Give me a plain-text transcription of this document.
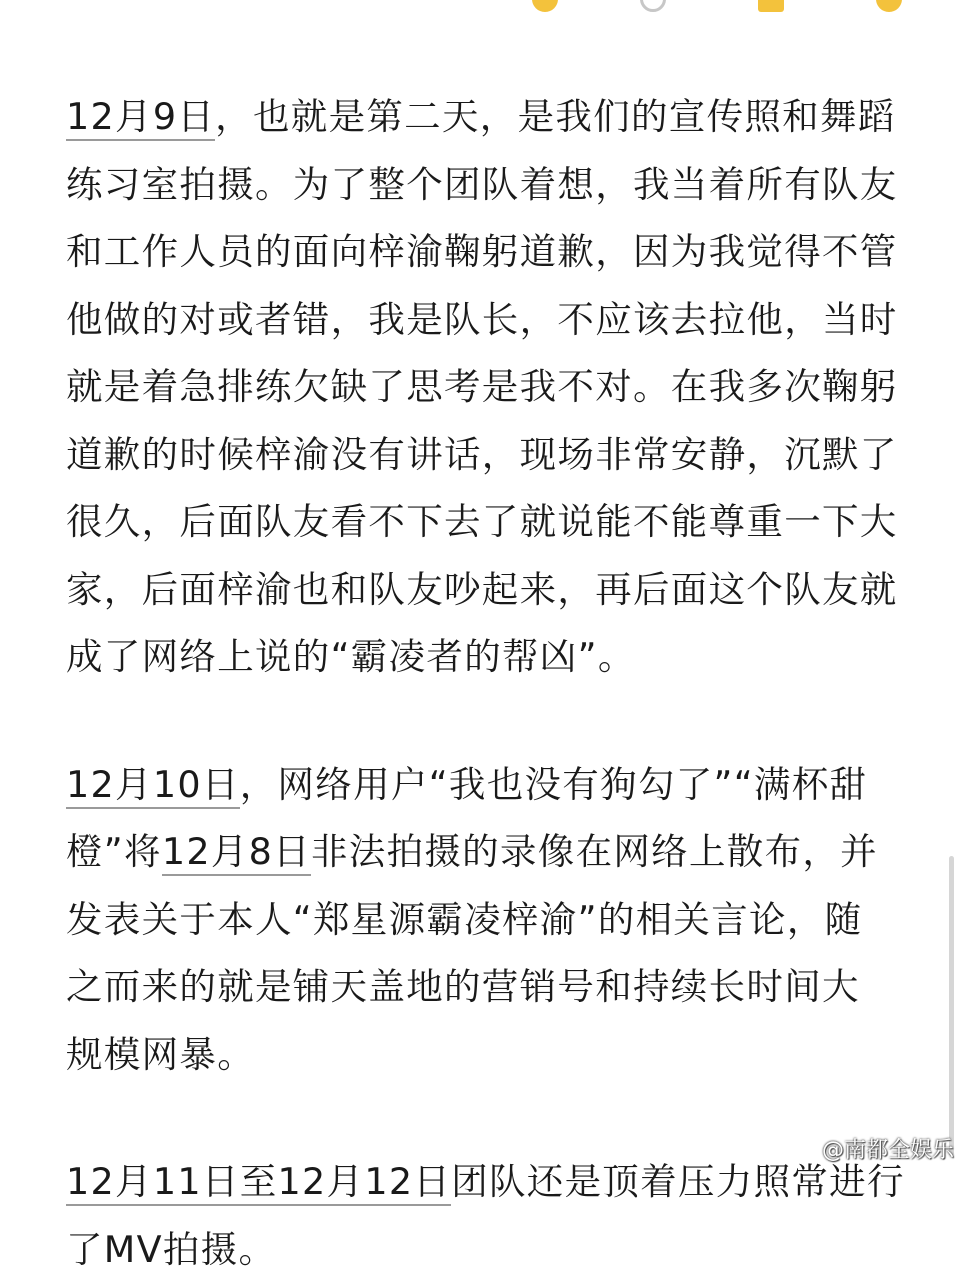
12月9日，也就是第二天，是我们的宣传照和舞蹈
练习室拍摄。为了整个团队着想，我当着所有队友
和工作人员的面向梓渝鞠躬道歉，因为我觉得不管
他做的对或者错，我是队长，不应该去拉他，当时
就是着急排练欠缺了思考是我不对。在我多次鞠躬
道歉的时候梓渝没有讲话，现场非常安静，沉默了
很久，后面队友看不下去了就说能不能尊重一下大
家，后面梓渝也和队友吵起来，再后面这个队友就
成了网络上说的“霸凌者的帮凶”。

12月10日，网络用户“我也没有狗勾了”“满杯甜
橙”将12月8日非法拍摄的录像在网络上散布，并
发表关于本人“郑星源霸凌梓渝”的相关言论，随
之而来的就是铺天盖地的营销号和持续长时间大
规模网暴。

12月11日至12月12日团队还是顶着压力照常进行
了MV拍摄。

@南都全娱乐
